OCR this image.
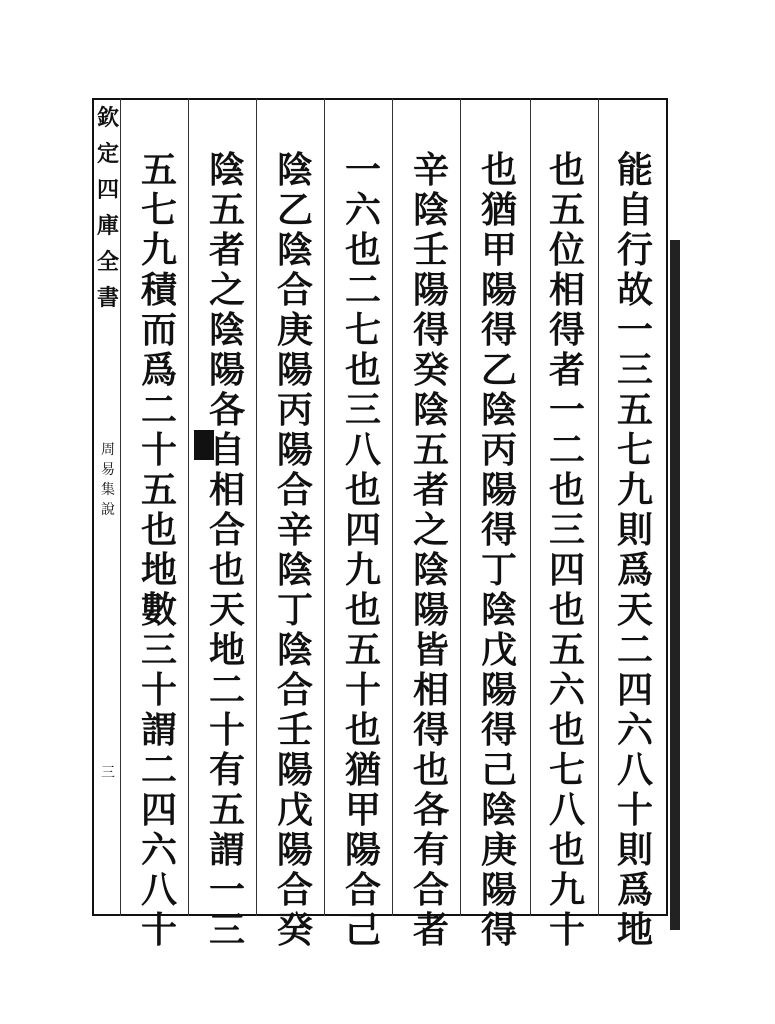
欽
定
四
庫
全
書
周
易
集
說
三
能
自
行
故
一
三
五
七
九
則
爲
天
二
四
六
八
十
則
爲
地
也
五
位
相
得
者
一
二
也
三
四
也
五
六
也
七
八
也
九
十
也
猶
甲
陽
得
乙
陰
丙
陽
得
丁
陰
戊
陽
得
己
陰
庚
陽
得
辛
陰
壬
陽
得
癸
陰
五
者
之
陰
陽
皆
相
得
也
各
有
合
者
一
六
也
二
七
也
三
八
也
四
九
也
五
十
也
猶
甲
陽
合
己
陰
乙
陰
合
庚
陽
丙
陽
合
辛
陰
丁
陰
合
壬
陽
戊
陽
合
癸
陰
五
者
之
陰
陽
各
自
相
合
也
天
地
二
十
有
五
謂
一
三
五
七
九
積
而
爲
二
十
五
也
地
數
三
十
謂
二
四
六
八
十
